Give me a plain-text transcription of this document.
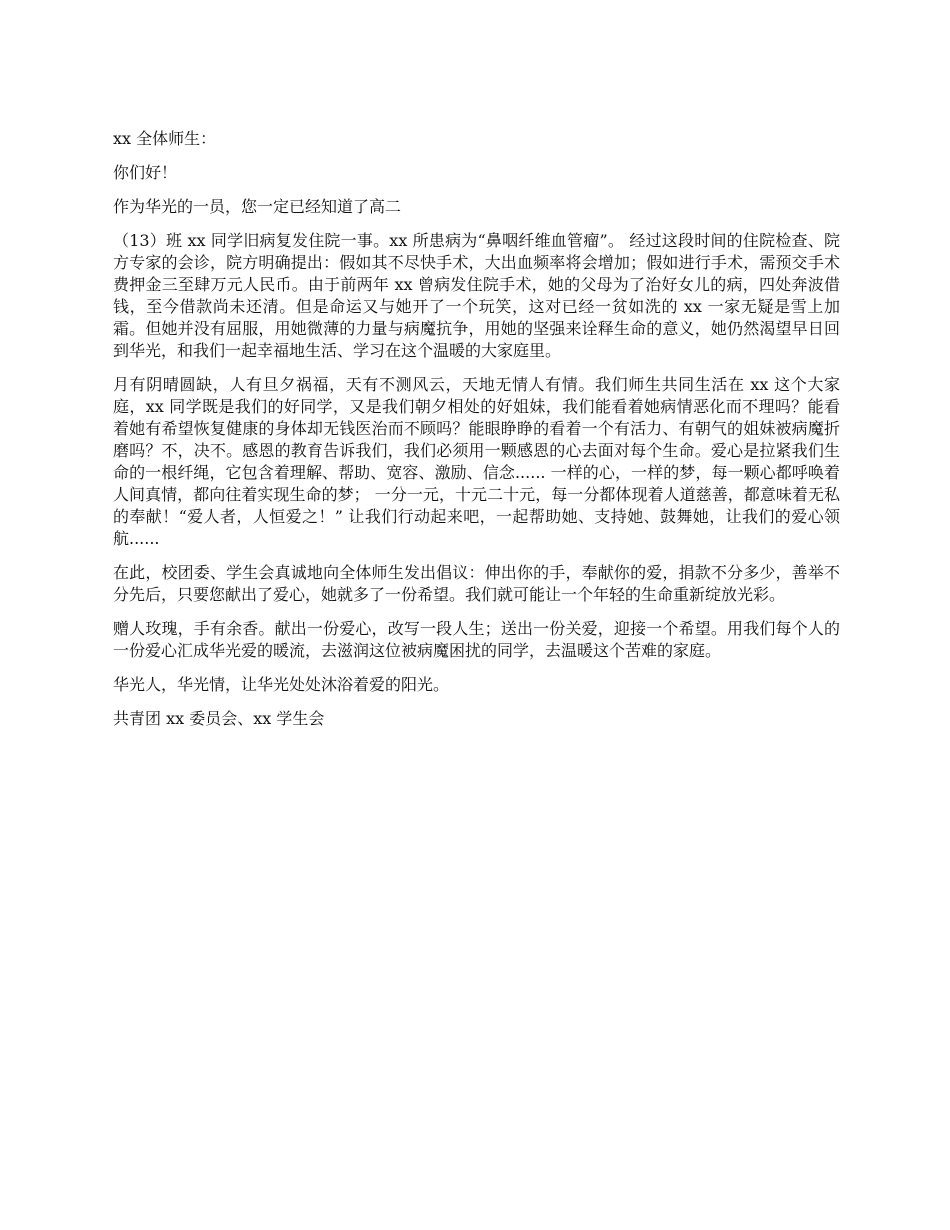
xx 全体师生：

你们好！

作为华光的一员，您一定已经知道了高二

（13）班 xx 同学旧病复发住院一事。xx 所患病为“鼻咽纤维血管瘤”。 经过这段时间的住院检查、院方专家的会诊，院方明确提出：假如其不尽快手术，大出血频率将会增加；假如进行手术，需预交手术费押金三至肆万元人民币。由于前两年 xx 曾病发住院手术，她的父母为了治好女儿的病，四处奔波借钱，至今借款尚未还清。但是命运又与她开了一个玩笑，这对已经一贫如洗的 xx 一家无疑是雪上加霜。但她并没有屈服，用她微薄的力量与病魔抗争，用她的坚强来诠释生命的意义，她仍然渴望早日回到华光，和我们一起幸福地生活、学习在这个温暖的大家庭里。

月有阴晴圆缺，人有旦夕祸福，天有不测风云，天地无情人有情。我们师生共同生活在 xx 这个大家庭，xx 同学既是我们的好同学，又是我们朝夕相处的好姐妹，我们能看着她病情恶化而不理吗？能看着她有希望恢复健康的身体却无钱医治而不顾吗？能眼睁睁的看着一个有活力、有朝气的姐妹被病魔折磨吗？不，决不。感恩的教育告诉我们，我们必须用一颗感恩的心去面对每个生命。爱心是拉紧我们生命的一根纤绳，它包含着理解、帮助、宽容、激励、信念...... 一样的心，一样的梦，每一颗心都呼唤着人间真情，都向往着实现生命的梦； 一分一元，十元二十元，每一分都体现着人道慈善，都意味着无私的奉献！“爱人者，人恒爱之！” 让我们行动起来吧，一起帮助她、支持她、鼓舞她，让我们的爱心领航......

在此，校团委、学生会真诚地向全体师生发出倡议：伸出你的手，奉献你的爱，捐款不分多少，善举不分先后，只要您献出了爱心，她就多了一份希望。我们就可能让一个年轻的生命重新绽放光彩。

赠人玫瑰，手有余香。献出一份爱心，改写一段人生；送出一份关爱，迎接一个希望。用我们每个人的一份爱心汇成华光爱的暖流，去滋润这位被病魔困扰的同学，去温暖这个苦难的家庭。

华光人，华光情，让华光处处沐浴着爱的阳光。

共青团 xx 委员会、xx 学生会
